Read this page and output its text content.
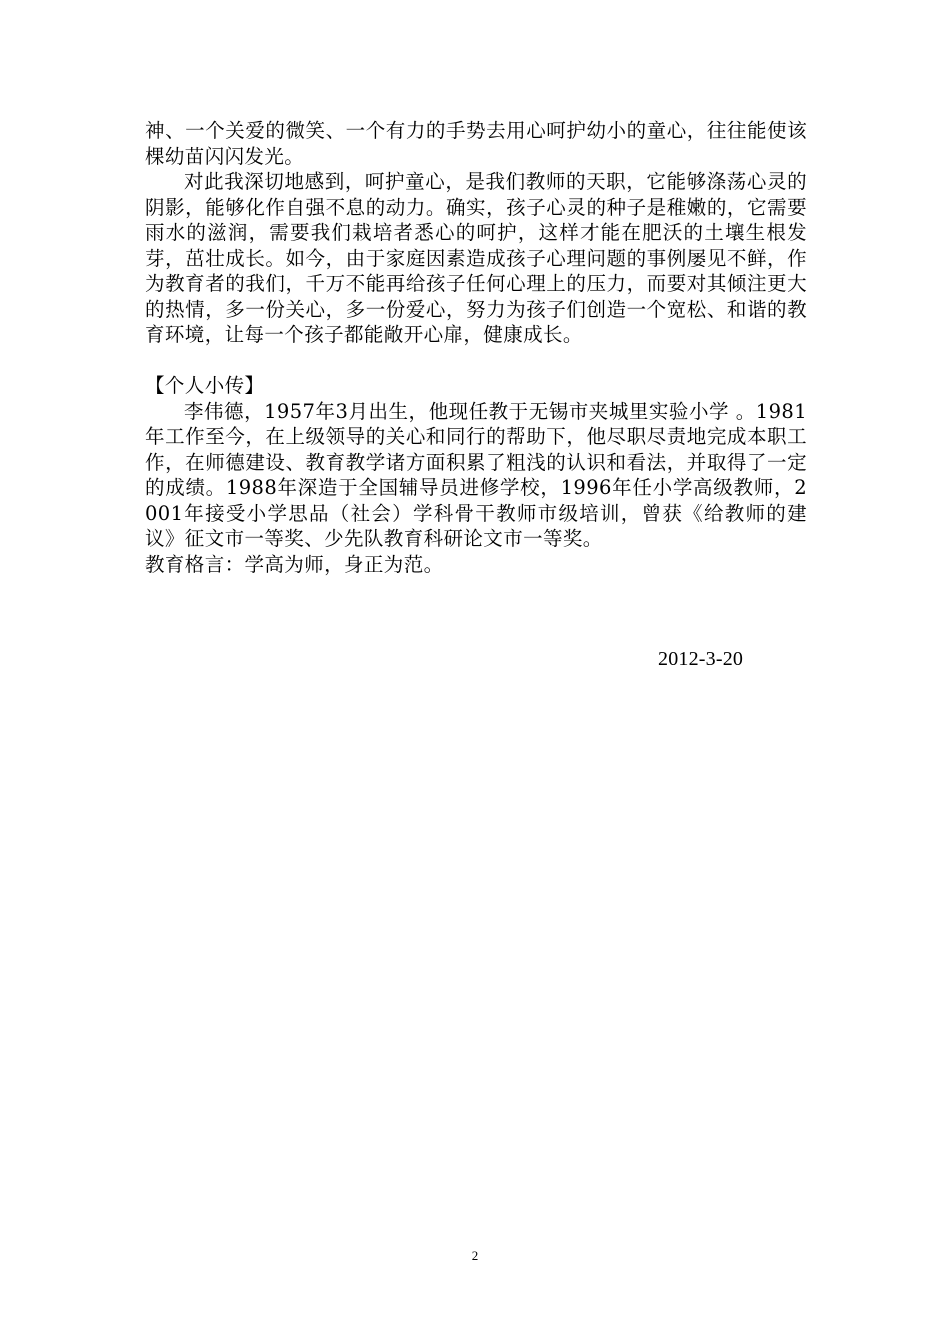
神、一个关爱的微笑、一个有力的手势去用心呵护幼小的童心，往往能使该棵幼苗闪闪发光。

对此我深切地感到，呵护童心，是我们教师的天职，它能够涤荡心灵的阴影，能够化作自强不息的动力。确实，孩子心灵的种子是稚嫩的，它需要雨水的滋润，需要我们栽培者悉心的呵护，这样才能在肥沃的土壤生根发芽，茁壮成长。如今，由于家庭因素造成孩子心理问题的事例屡见不鲜，作为教育者的我们，千万不能再给孩子任何心理上的压力，而要对其倾注更大的热情，多一份关心，多一份爱心，努力为孩子们创造一个宽松、和谐的教育环境，让每一个孩子都能敞开心扉，健康成长。

【个人小传】

李伟德，1957年3月出生，他现任教于无锡市夹城里实验小学 。1981年工作至今，在上级领导的关心和同行的帮助下，他尽职尽责地完成本职工作，在师德建设、教育教学诸方面积累了粗浅的认识和看法，并取得了一定的成绩。1988年深造于全国辅导员进修学校，1996年任小学高级教师，2001年接受小学思品（社会）学科骨干教师市级培训，曾获《给教师的建议》征文市一等奖、少先队教育科研论文市一等奖。

教育格言：学高为师，身正为范。

2012-3-20
2
